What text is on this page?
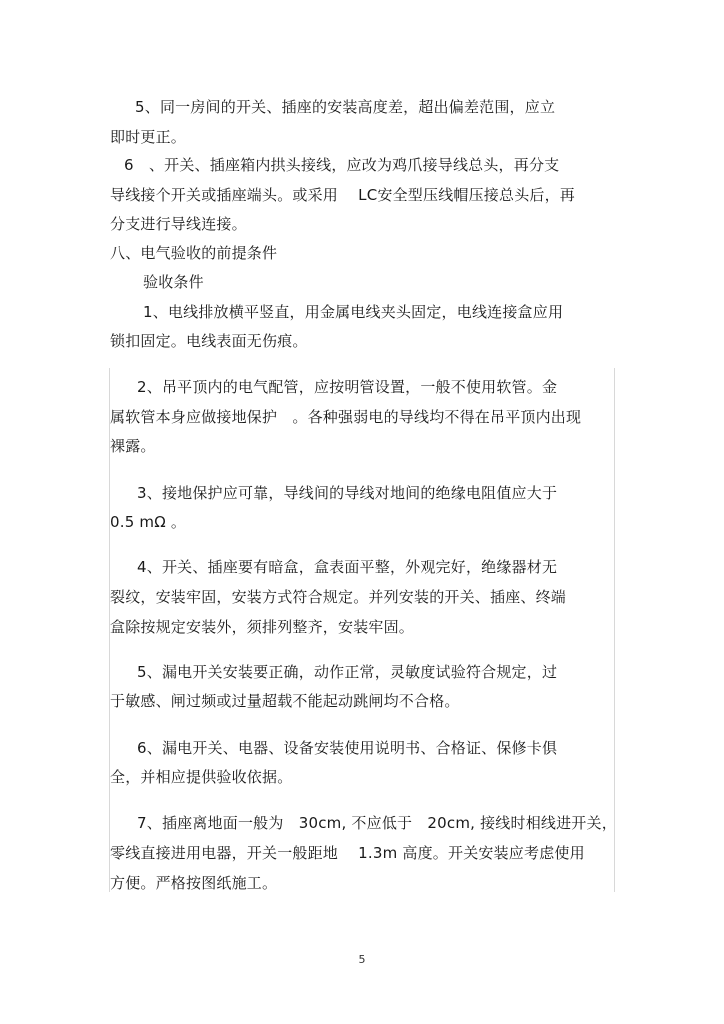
5、同一房间的开关、插座的安装高度差，超出偏差范围，应立
即时更正。
6　、开关、插座箱内拱头接线，应改为鸡爪接导线总头，再分支
导线接个开关或插座端头。或采用　 LC安全型压线帽压接总头后，再
分支进行导线连接。
八、电气验收的前提条件
验收条件
1、电线排放横平竖直，用金属电线夹头固定，电线连接盒应用
锁扣固定。电线表面无伤痕。
2、吊平顶内的电气配管，应按明管设置，一般不使用软管。金
属软管本身应做接地保护　。各种强弱电的导线均不得在吊平顶内出现
裸露。
3、接地保护应可靠，导线间的导线对地间的绝缘电阻值应大于
0.5 mΩ 。
4、开关、插座要有暗盒，盒表面平整，外观完好，绝缘器材无
裂纹，安装牢固，安装方式符合规定。并列安装的开关、插座、终端
盒除按规定安装外，须排列整齐，安装牢固。
5、漏电开关安装要正确，动作正常，灵敏度试验符合规定，过
于敏感、闸过频或过量超载不能起动跳闸均不合格。
6、漏电开关、电器、设备安装使用说明书、合格证、保修卡俱
全，并相应提供验收依据。
7、插座离地面一般为　30cm, 不应低于　20cm, 接线时相线进开关，
零线直接进用电器，开关一般距地　 1.3m 高度。开关安装应考虑使用
方便。严格按图纸施工。
5
